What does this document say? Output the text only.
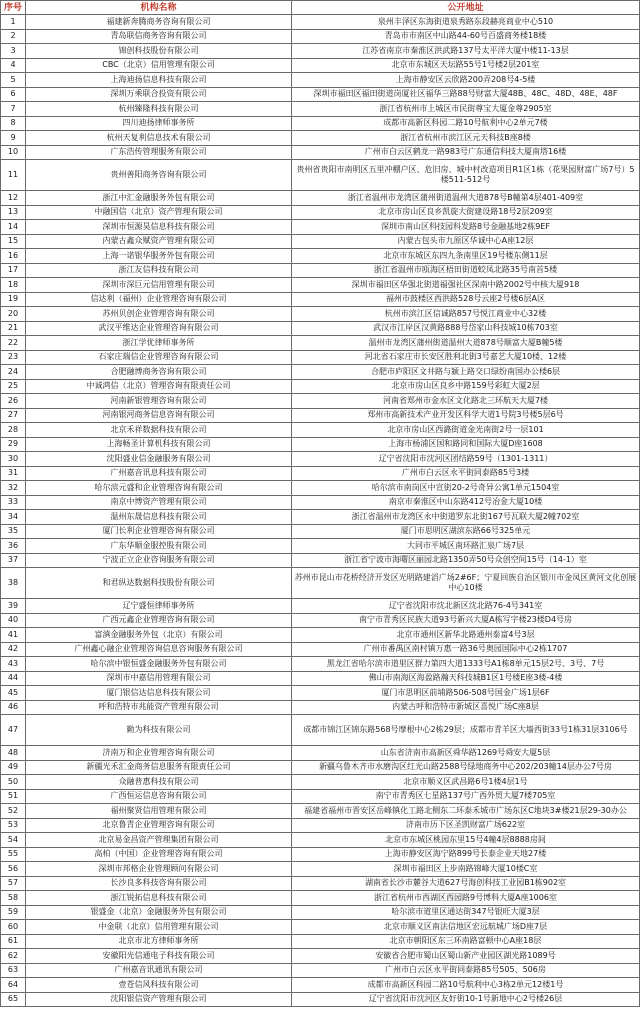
序号	机构名称	公开地址
1	福建新奔腾商务咨询有限公司	泉州丰泽区东海街道泉秀路东段赫亮商业中心510
2	青岛联信商务咨询有限公司	青岛市市南区中山路44-60号百盛商务楼18楼
3	锦创科技股份有限公司	江苏省南京市秦淮区洪武路137号太平洋大厦中楼11-13层
4	CBC（北京）信用管理有限公司	北京市东城区天坛路55号1号楼2层201室
5	上海迪扬信息科技有限公司	上海市静安区云欣路200弄208号4-5楼
6	深圳万乘联合投资有限公司	深圳市福田区福田街道岗厦社区福华三路88号财富大厦48B、48C、48D、48E、48F
7	杭州臻隆科技有限公司	浙江省杭州市上城区市民街尊宝大厦金尊2905室
8	四川迪扬律师事务所	成都市高新区科园二路10号航利中心2单元7楼
9	杭州天复利信息技术有限公司	浙江省杭州市滨江区元天科技B座8楼
10	广东浩传管理服务有限公司	广州市白云区鹤龙一路983号广东通信科技大厦南塔16楼
11	贵州善阳商务咨询有限公司	贵州省贵阳市南明区五里冲棚户区、危旧房、城中村改造项目R1区1栋（花果园财富广场7号）5楼511-512号
12	浙江中汇金融服务外包有限公司	浙江省温州市龙湾区蒲州街道温州大道878号B幢第4层401-409室
13	中融国信（北京）资产管理有限公司	北京市房山区良乡凯旋大街建设路18号2层209室
14	深圳市恒源昊信息科技有限公司	深圳市南山区科技园科发路8号金融基地2栋9EF
15	内蒙古鑫众赋资产管理有限公司	内蒙古包头市九原区华诚中心A座12层
16	上海一诺银华服务外包有限公司	北京市东城区东四九条南里区19号楼东侧11层
17	浙江友信科技有限公司	浙江省温州市瓯海区梧田街道蛟凤北路35号南首5楼
18	深圳市深巨元信用管理有限公司	深圳市福田区华强北街道福强社区深南中路2002号中核大厦918
19	信达利（福州）企业管理咨询有限公司	福州市鼓楼区西洪路528号云座2号楼6层A区
20	苏州贝创企业管理咨询有限公司	杭州市滨江区信诚路857号悦江商业中心32楼
21	武汉平维达企业管理咨询有限公司	武汉市江岸区汉黄路888号岱家山科技城10栋703室
22	浙江学优律师事务所	温州市龙湾区蒲州街道温州大道878号顺富大厦B幢5楼
23	石家庄瑞信企业管理咨询有限公司	河北省石家庄市长安区胜利北街3号嘉艺大厦10楼、12楼
24	合肥融博商务咨询有限公司	合肥市庐阳区文井路与颍上路交口绿纷南国办公楼6层
25	中诚鸿信（北京）管理咨询有限责任公司	北京市房山区良乡中路159号彩虹大厦2层
26	河南新银管理咨询有限公司	河南省郑州市金水区文化路北三环航天大厦7楼
27	河南银河商务信息咨询有限公司	郑州市高新技术产业开发区科学大道1号院3号楼5层6号
28	北京禾祥数据科技有限公司	北京市房山区西潞街道金光南街2号一层101
29	上海畅圣计算机科技有限公司	上海市杨浦区国和路同和国际大厦D座1608
30	沈阳盛业信金融服务有限公司	辽宁省沈阳市沈河区团结路59号（1301-1311）
31	广州嘉音讯息科技有限公司	广州市白云区永平街同泰路85号3楼
32	哈尔滨元盛和企业管理咨询有限公司	哈尔滨市南岗区中宣街20-2号奇异公寓1单元1504室
33	南京中博资产管理有限公司	南京市秦淮区中山东路412号冶金大厦10楼
34	温州东晟信息科技有限公司	浙江省温州市龙湾区永中街道罗东北街167号瓦联大厦2幢702室
35	厦门长利企业管理咨询有限公司	厦门市思明区湖滨东路66号325单元
36	广东华顺金服控股有限公司	大同市平城区南环路汇泉广场7层
37	宁波正立企业咨询服务有限公司	浙江省宁波市海曙区丽园北路1350弄50号众创空间15号（14-1）室
38	和君纵达数据科技股份有限公司	苏州市昆山市花桥经济开发区光明路建滔广场2#6F；宁夏回族自治区银川市金凤区黄河文化创展中心10楼
39	辽宁盛恒律师事务所	辽宁省沈阳市沈北新区沈北路76-4号341室
40	广西元鑫企业管理咨询有限公司	南宁市青秀区民族大道93号新兴大厦A栋写字楼23楼D4号房
41	富滇金融服务外包（北京）有限公司	北京市通州区新华北路通州泰富4号3层
42	广州鑫心融企业管理咨询信息咨询服务有限公司	广州市番禺区南村镇万惠一路36号奥园国际中心2栋1707
43	哈尔滨中银恒盛金融服务外包有限公司	黑龙江省哈尔滨市道里区群力第四大道1333号A1栋8单元15层2号、3号、7号
44	深圳市中嘉信用管理有限公司	佛山市南海区海盈路瀚天科技城B1区1号楼E座3楼-4楼
45	厦门银信达信息科技有限公司	厦门市思明区前埔路506-508号国金广场1层6F
46	呼和浩特市兆能资产管理有限公司	内蒙古呼和浩特市新城区喜悦广场C座8层
47	勤为科技有限公司	成都市锦江区锦东路568号摩根中心2栋29层；成都市青羊区大墙西街33号1栋31层3106号
48	济南万和企业管理咨询有限公司	山东省济南市高新区舜华路1269号舜安大厦5层
49	新疆光禾汇金商务信息服务有限责任公司	新疆乌鲁木齐市水磨沟区红光山路2588号绿地商务中心202/203幢14层办公7号房
50	众融普惠科技有限公司	北京市顺义区武昌路6号1楼4层1号
51	广西恒运信息咨询有限公司	南宁市青秀区七星路137号广西外贸大厦7楼705室
52	福州聚贤信用管理有限公司	福建省福州市晋安区岳峰镇化工路北侧东二环泰禾城市广场东区C地块3#楼21层29-30办公
53	北京鲁青企业管理咨询有限公司	济南市历下区圣凯财富广场622室
54	北京易金昌资产管理集团有限公司	北京市东城区桃园东里15号4幢4层8888房间
55	高柏（中国）企业管理咨询有限公司	上海市静安区海宁路899号长泰企业天地27楼
56	深圳市邦格企业管理顾问有限公司	深圳市福田区上步南路锦峰大厦10楼C室
57	长沙良多科技咨询有限公司	湖南省长沙市麓谷大道627号海创科技工业园B1栋902室
58	浙江锐拓信息科技有限公司	浙江省杭州市西湖区西园路9号博科大厦A座1006室
59	银盛金（北京）金融服务外包有限公司	哈尔滨市道里区通达街347号银旺大厦3层
60	中金联（北京）信用管理有限公司	北京市顺义区南法信地区宏远航城广场D座7层
61	北京市北方律师事务所	北京市朝阳区东三环南路富顿中心A座18层
62	安徽阳光信通电子科技有限公司	安徽省合肥市蜀山区蜀山新产业园区湖光路1089号
63	广州嘉音讯通讯有限公司	广州市白云区永平街同泰路85号505、506房
64	壹苍信风科技有限公司	成都市高新区科园二路10号航利中心3栋2单元12楼1号
65	沈阳银信资产管理有限公司	辽宁省沈阳市沈河区友好街10-1号新地中心2号楼26层
